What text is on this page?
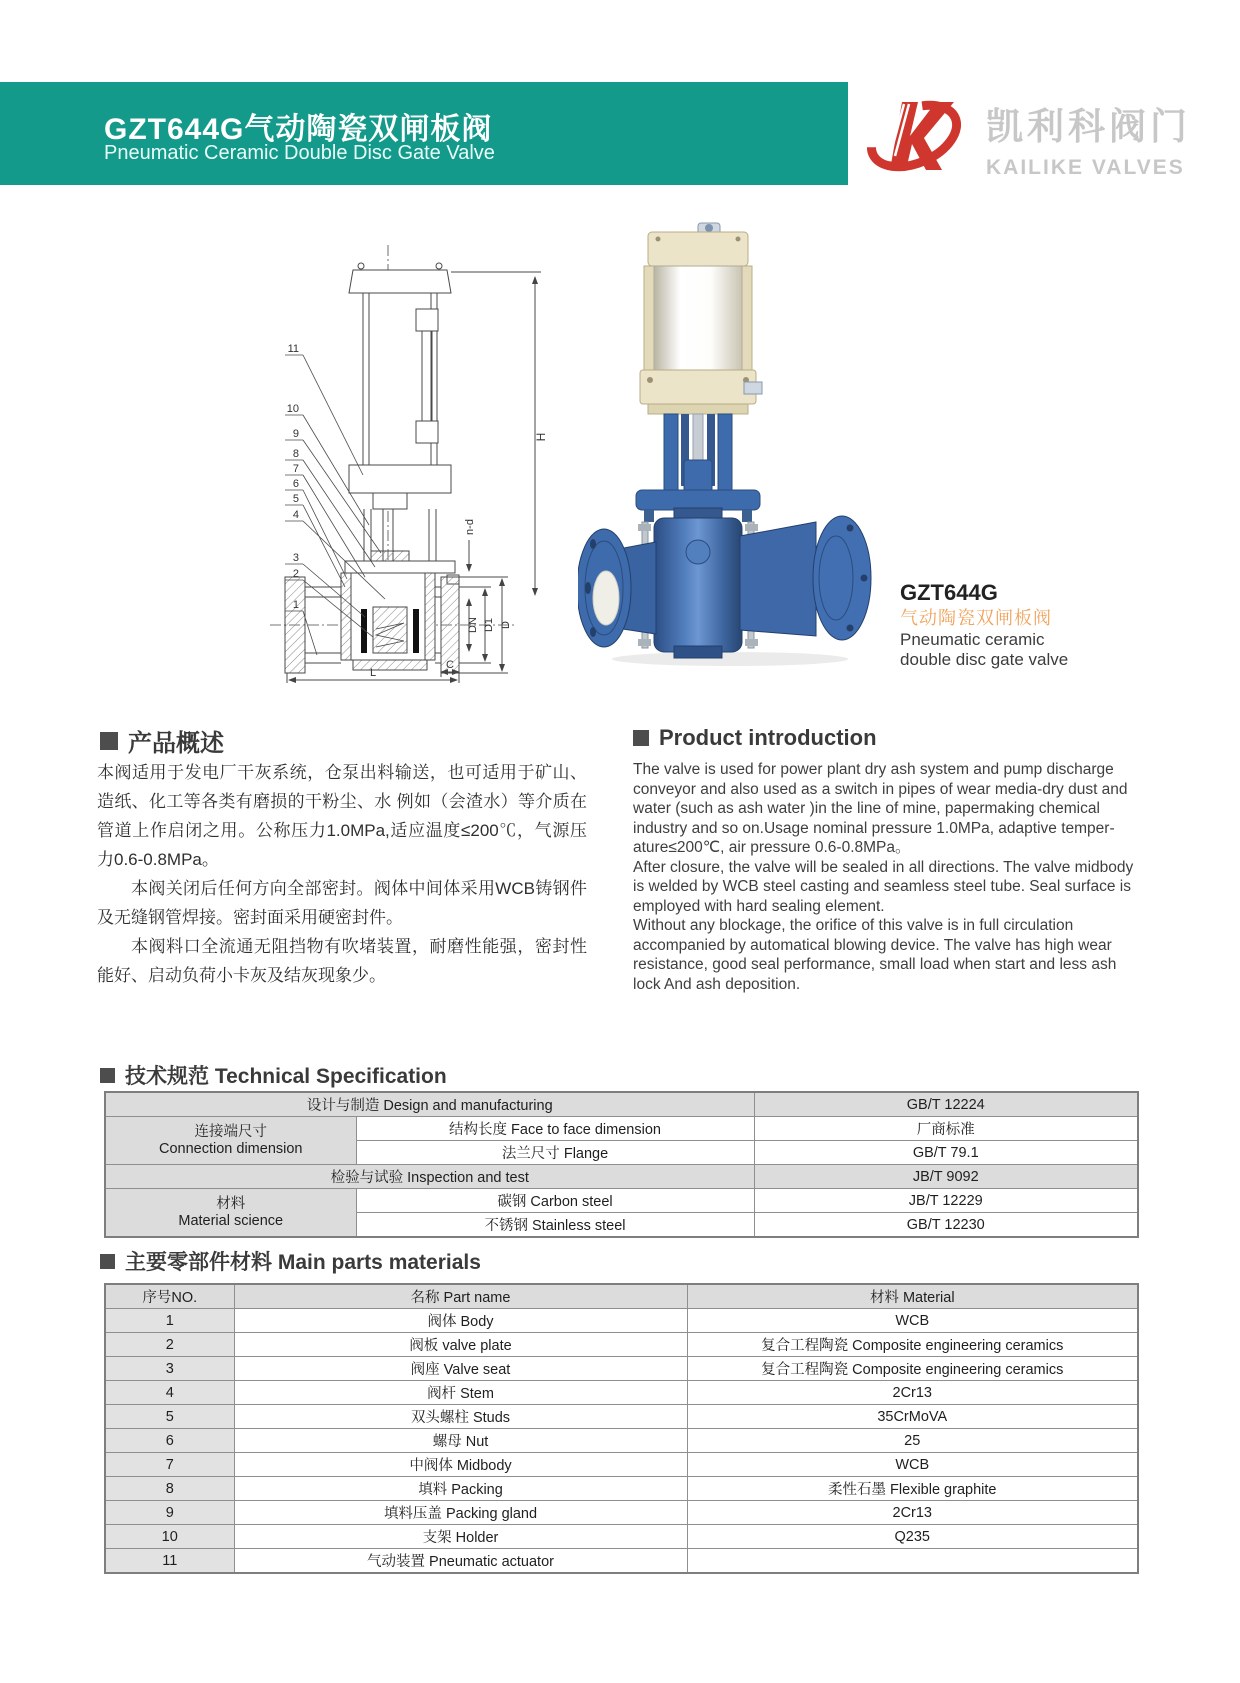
GZT644G气动陶瓷双闸板阀
Pneumatic Ceramic Double Disc Gate Valve
凯利科阀门
KAILIKE VALVES
11
10
9
8
7
6
5
4
3
2
1
H
n-d
DN D1 D
L
C
GZT644G
气动陶瓷双闸板阀
Pneumatic ceramic
double disc gate valve
产品概述

本阀适用于发电厂干灰系统，仓泵出料输送，也可适用于矿山、造纸、化工等各类有磨损的干粉尘、水 例如（会渣水）等介质在管道上作启闭之用。公称压力1.0MPa,适应温度≤200℃，气源压力0.6-0.8MPa。

本阀关闭后任何方向全部密封。阀体中间体采用WCB铸钢件及无缝钢管焊接。密封面采用硬密封件。

本阀料口全流通无阻挡物有吹堵装置，耐磨性能强，密封性能好、启动负荷小卡灰及结灰现象少。

Product introduction

The valve is used for power plant dry ash system and pump discharge conveyor and also used as a switch in pipes of wear media-dry dust and water (such as ash water )in the line of mine, papermaking chemical industry and so on.Usage nominal pressure 1.0MPa, adaptive temper-ature≤200℃, air pressure 0.6-0.8MPa。

After closure, the valve will be sealed in all directions. The valve midbody is welded by WCB steel casting and seamless steel tube. Seal surface is employed with hard sealing element.

Without any blockage, the orifice of this valve is in full circulation accompanied by automatical blowing device. The valve has high wear resistance, good seal performance, small load when start and less ash lock And ash deposition.

技术规范 Technical Specification
设计与制造 Design and manufacturing		GB/T 12224

连接端尺寸
Connection dimension	结构长度 Face to face dimension	厂商标准
	法兰尺寸 Flange	GB/T 79.1
检验与试验 Inspection and test		JB/T 9092

材料
Material science	碳钢 Carbon steel	JB/T 12229
	不锈钢 Stainless steel	GB/T 12230
主要零部件材料 Main parts materials
序号NO.	名称 Part name	材料 Material
1	阀体 Body	WCB
2	阀板 valve plate	复合工程陶瓷 Composite engineering ceramics
3	阀座 Valve seat	复合工程陶瓷 Composite engineering ceramics
4	阀杆 Stem	2Cr13
5	双头螺柱 Studs	35CrMoVA
6	螺母 Nut	25
7	中阀体 Midbody	WCB
8	填料 Packing	柔性石墨 Flexible graphite
9	填料压盖 Packing gland	2Cr13
10	支架 Holder	Q235
11	气动装置 Pneumatic actuator	
